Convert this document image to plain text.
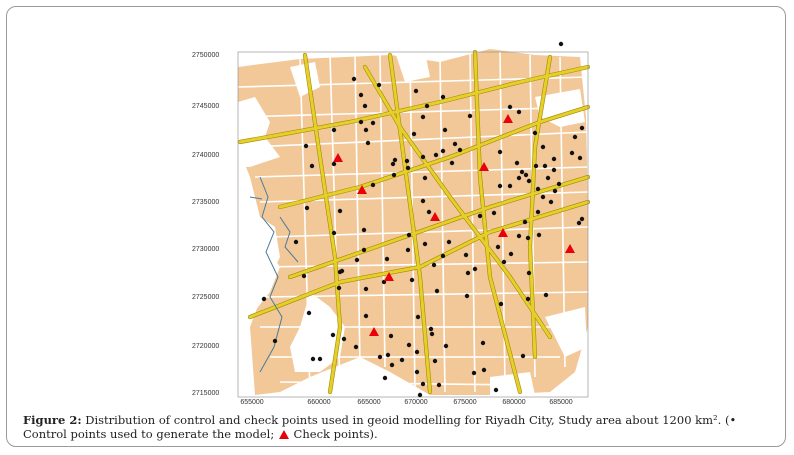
2750000
2745000
2740000
2735000
2730000
2725000
2720000
2715000
655000	660000	665000	670000	675000	680000	685000
Figure 2: Distribution of control and check points used in geoid modelling for Riyadh City, Study area about 1200 km². (• Control points used to generate the model;  Check points).
